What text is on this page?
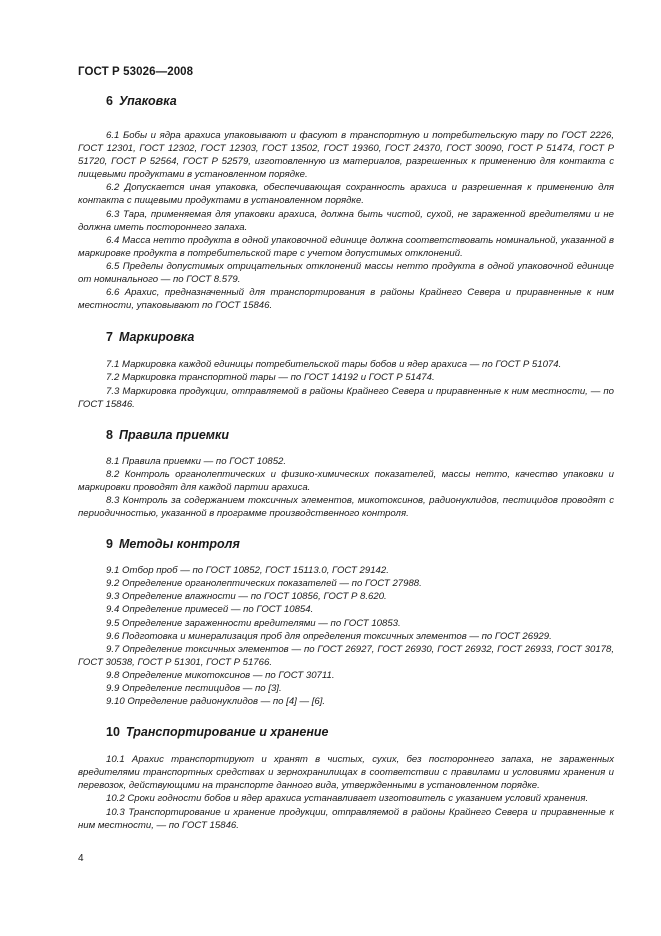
ГОСТ Р 53026—2008
6 Упаковка

6.1 Бобы и ядра арахиса упаковывают и фасуют в транспортную и потребительскую тару по ГОСТ 2226, ГОСТ 12301, ГОСТ 12302, ГОСТ 12303, ГОСТ 13502, ГОСТ 19360, ГОСТ 24370, ГОСТ 30090, ГОСТ Р 51474, ГОСТ Р 51720, ГОСТ Р 52564, ГОСТ Р 52579, изготовленную из материалов, разрешенных к применению для контакта с пищевыми продуктами в установленном порядке.

6.2 Допускается иная упаковка, обеспечивающая сохранность арахиса и разрешенная к применению для контакта с пищевыми продуктами в установленном порядке.

6.3 Тара, применяемая для упаковки арахиса, должна быть чистой, сухой, не зараженной вредителями и не должна иметь постороннего запаха.

6.4 Масса нетто продукта в одной упаковочной единице должна соответствовать номинальной, указанной в маркировке продукта в потребительской таре с учетом допустимых отклонений.

6.5 Пределы допустимых отрицательных отклонений массы нетто продукта в одной упаковочной единице от номинального — по ГОСТ 8.579.

6.6 Арахис, предназначенный для транспортирования в районы Крайнего Севера и приравненные к ним местности, упаковывают по ГОСТ 15846.

7 Маркировка

7.1 Маркировка каждой единицы потребительской тары бобов и ядер арахиса — по ГОСТ Р 51074.

7.2 Маркировка транспортной тары — по ГОСТ 14192 и ГОСТ Р 51474.

7.3 Маркировка продукции, отправляемой в районы Крайнего Севера и приравненные к ним местности, — по ГОСТ 15846.

8 Правила приемки

8.1 Правила приемки — по ГОСТ 10852.

8.2 Контроль органолептических и физико-химических показателей, массы нетто, качество упаковки и маркировки проводят для каждой партии арахиса.

8.3 Контроль за содержанием токсичных элементов, микотоксинов, радионуклидов, пестицидов проводят с периодичностью, указанной в программе производственного контроля.

9 Методы контроля

9.1 Отбор проб — по ГОСТ 10852, ГОСТ 15113.0, ГОСТ 29142.

9.2 Определение органолептических показателей — по ГОСТ 27988.

9.3 Определение влажности — по ГОСТ 10856, ГОСТ Р 8.620.

9.4 Определение примесей — по ГОСТ 10854.

9.5 Определение зараженности вредителями — по ГОСТ 10853.

9.6 Подготовка и минерализация проб для определения токсичных элементов — по ГОСТ 26929.

9.7 Определение токсичных элементов — по ГОСТ 26927, ГОСТ 26930, ГОСТ 26932, ГОСТ 26933, ГОСТ 30178, ГОСТ 30538, ГОСТ Р 51301, ГОСТ Р 51766.

9.8 Определение микотоксинов — по ГОСТ 30711.

9.9 Определение пестицидов — по [3].

9.10 Определение радионуклидов — по [4] — [6].

10 Транспортирование и хранение

10.1 Арахис транспортируют и хранят в чистых, сухих, без постороннего запаха, не зараженных вредителями транспортных средствах и зернохранилищах в соответствии с правилами и условиями хранения и перевозок, действующими на транспорте данного вида, утвержденными в установленном порядке.

10.2 Сроки годности бобов и ядер арахиса устанавливает изготовитель с указанием условий хранения.

10.3 Транспортирование и хранение продукции, отправляемой в районы Крайнего Севера и приравненные к ним местности, — по ГОСТ 15846.

4
